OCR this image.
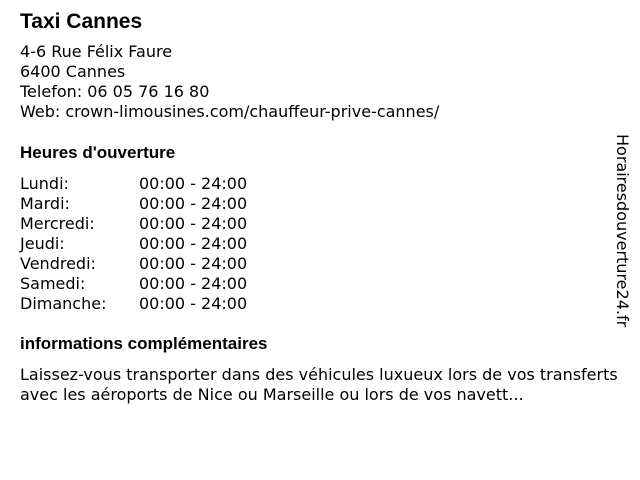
Taxi Cannes
4-6 Rue Félix Faure
6400 Cannes
Telefon: 06 05 76 16 80
Web: crown-limousines.com/chauffeur-prive-cannes/
Heures d'ouverture
Lundi:	00:00 - 24:00
Mardi:	00:00 - 24:00
Mercredi:	00:00 - 24:00
Jeudi:	00:00 - 24:00
Vendredi:	00:00 - 24:00
Samedi:	00:00 - 24:00
Dimanche:	00:00 - 24:00
informations complémentaires
Laissez-vous transporter dans des véhicules luxueux lors de vos transferts avec les aéroports de Nice ou Marseille ou lors de vos navett...
Horairesdouverture24.fr
